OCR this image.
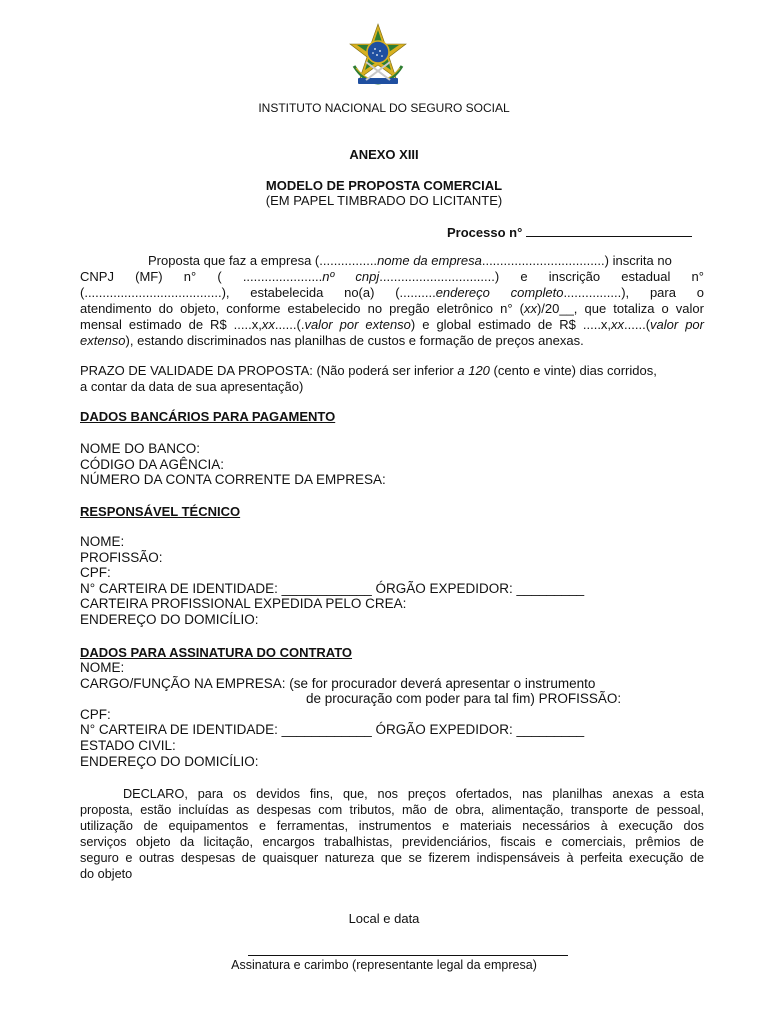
INSTITUTO NACIONAL DO SEGURO SOCIAL
ANEXO XIII
MODELO DE PROPOSTA COMERCIAL
(EM PAPEL TIMBRADO DO LICITANTE)
Processo n°
Proposta que faz a empresa (................nome da empresa..................................) inscrita no
CNPJ (MF) n° ( ......................nº cnpj................................) e inscrição estadual n°
(......................................), estabelecida no(a) (..........endereço completo................), para o
atendimento do objeto, conforme estabelecido no pregão eletrônico n° (xx)/20__, que totaliza o valor
mensal estimado de R$ .....x,xx......(.valor por extenso) e global estimado de R$ .....x,xx......(valor por
extenso), estando discriminados nas planilhas de custos e formação de preços anexas.
PRAZO DE VALIDADE DA PROPOSTA: (Não poderá ser inferior a 120 (cento e vinte) dias corridos,
a contar da data de sua apresentação)
DADOS BANCÁRIOS PARA PAGAMENTO
NOME DO BANCO:
CÓDIGO DA AGÊNCIA:
NÚMERO DA CONTA CORRENTE DA EMPRESA:
RESPONSÁVEL TÉCNICO
NOME:
PROFISSÃO:
CPF:
N° CARTEIRA DE IDENTIDADE: ____________ ÓRGÃO EXPEDIDOR: _________
CARTEIRA PROFISSIONAL EXPEDIDA PELO CREA:
ENDEREÇO DO DOMICÍLIO:
DADOS PARA ASSINATURA DO CONTRATO
NOME:
CARGO/FUNÇÃO NA EMPRESA: (se for procurador deverá apresentar o instrumento
de procuração com poder para tal fim) PROFISSÃO:
CPF:
N° CARTEIRA DE IDENTIDADE: ____________ ÓRGÃO EXPEDIDOR: _________
ESTADO CIVIL:
ENDEREÇO DO DOMICÍLIO:
DECLARO, para os devidos fins, que, nos preços ofertados, nas planilhas anexas a esta
proposta, estão incluídas as despesas com tributos, mão de obra, alimentação, transporte de pessoal,
utilização de equipamentos e ferramentas, instrumentos e materiais necessários à execução dos
serviços objeto da licitação, encargos trabalhistas, previdenciários, fiscais e comerciais, prêmios de
seguro e outras despesas de quaisquer natureza que se fizerem indispensáveis à perfeita execução de
do objeto
Local e data
Assinatura e carimbo (representante legal da empresa)
